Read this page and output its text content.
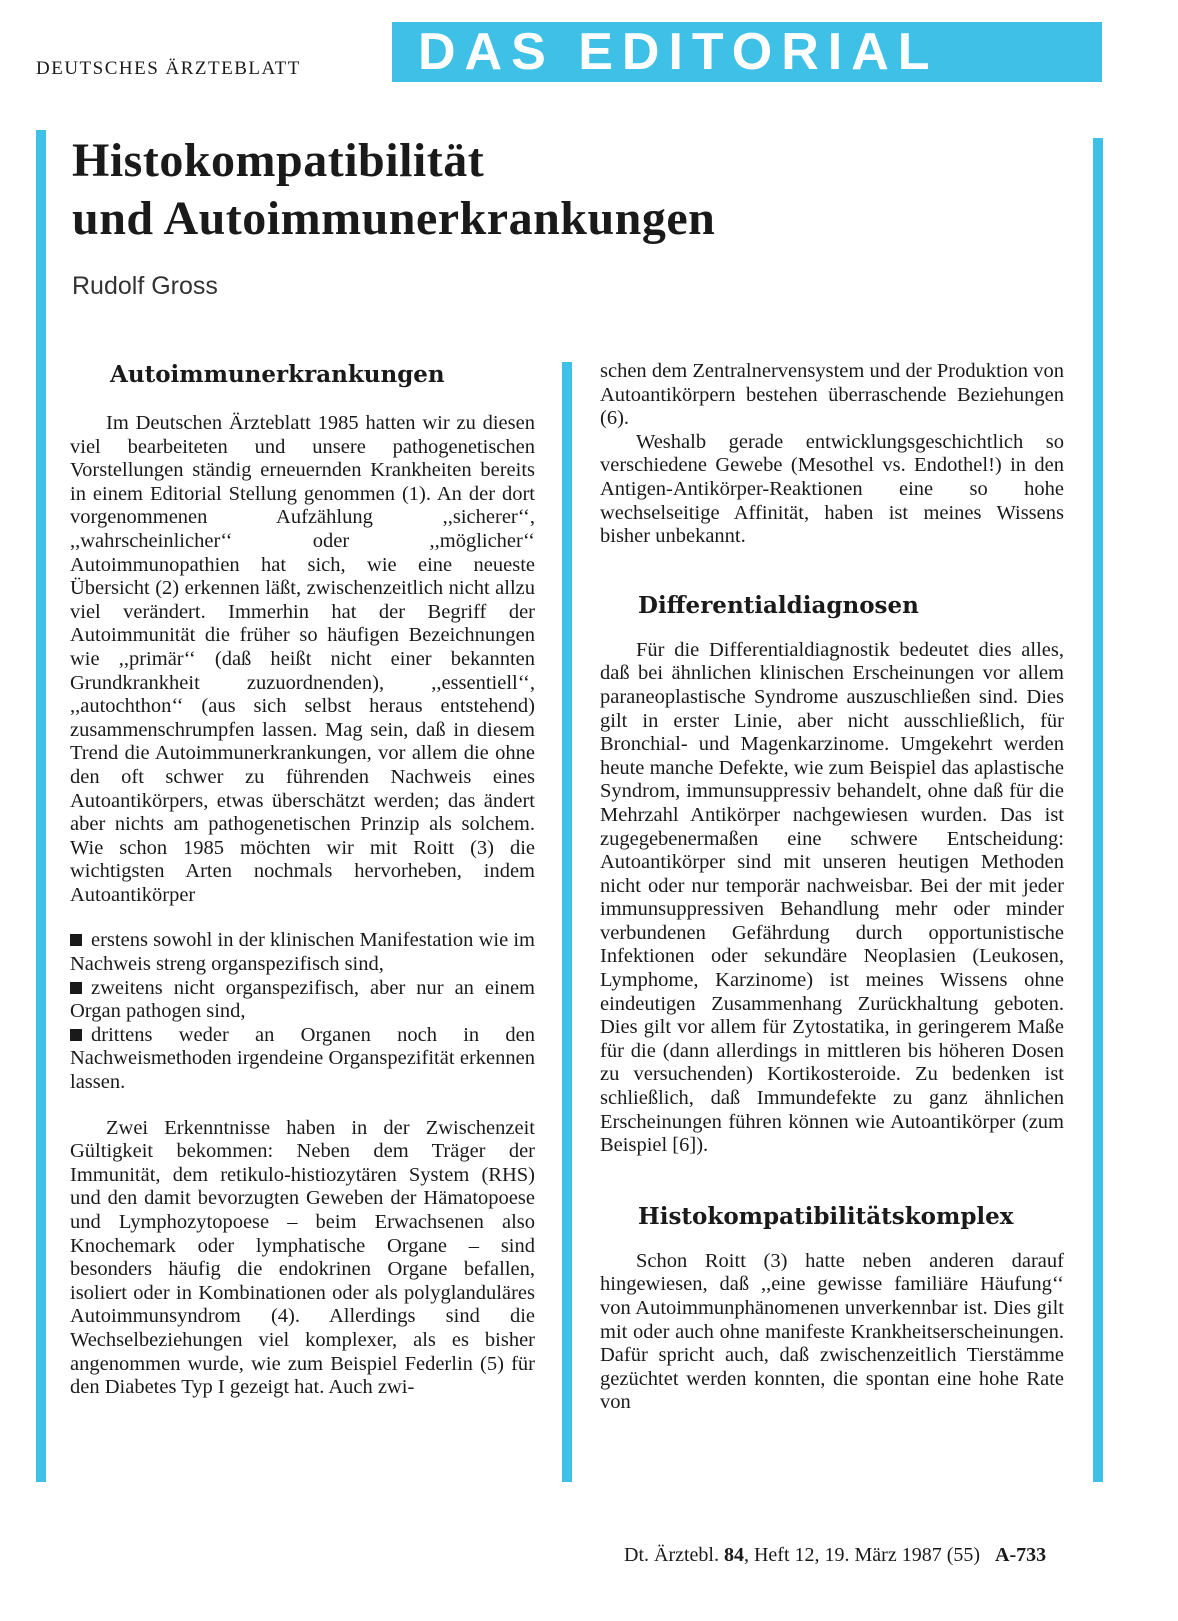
DEUTSCHES ÄRZTEBLATT	DAS EDITORIAL
Histokompatibilität
und Autoimmunerkrankungen
Rudolf Gross
Autoimmunerkrankungen

Im Deutschen Ärzteblatt 1985 hatten wir zu diesen viel bearbeiteten und unsere pathogenetischen Vorstellungen ständig erneuernden Krankheiten bereits in einem Editorial Stellung genommen (1). An der dort vorgenommenen Aufzählung ,,sicherer‘‘, ,,wahrscheinlicher‘‘ oder ,,möglicher‘‘ Autoimmunopathien hat sich, wie eine neueste Übersicht (2) erkennen läßt, zwischenzeitlich nicht allzu viel verändert. Immerhin hat der Begriff der Autoimmunität die früher so häufigen Bezeichnungen wie ,,primär‘‘ (daß heißt nicht einer bekannten Grundkrankheit zuzuordnenden), ,,essentiell‘‘, ,,autochthon‘‘ (aus sich selbst heraus entstehend) zusammenschrumpfen lassen. Mag sein, daß in diesem Trend die Autoimmunerkrankungen, vor allem die ohne den oft schwer zu führenden Nachweis eines Autoantikörpers, etwas überschätzt werden; das ändert aber nichts am pathogenetischen Prinzip als solchem. Wie schon 1985 möchten wir mit Roitt (3) die wichtigsten Arten nochmals hervorheben, indem Autoantikörper

erstens sowohl in der klinischen Manifestation wie im Nachweis streng organspezifisch sind,

zweitens nicht organspezifisch, aber nur an einem Organ pathogen sind,

drittens weder an Organen noch in den Nachweismethoden irgendeine Organspezifität erkennen lassen.

Zwei Erkenntnisse haben in der Zwischenzeit Gültigkeit bekommen: Neben dem Träger der Immunität, dem retikulo-histiozytären System (RHS) und den damit bevorzugten Geweben der Hämatopoese und Lymphozytopoese – beim Erwachsenen also Knochemark oder lymphatische Organe – sind besonders häufig die endokrinen Organe befallen, isoliert oder in Kombinationen oder als polyglanduläres Autoimmunsyndrom (4). Allerdings sind die Wechselbeziehungen viel komplexer, als es bisher angenommen wurde, wie zum Beispiel Federlin (5) für den Diabetes Typ I gezeigt hat. Auch zwi-

schen dem Zentralnervensystem und der Produktion von Autoantikörpern bestehen überraschende Beziehungen (6).

Weshalb gerade entwicklungsgeschichtlich so verschiedene Gewebe (Mesothel vs. Endothel!) in den Antigen-Antikörper-Reaktionen eine so hohe wechselseitige Affinität, haben ist meines Wissens bisher unbekannt.

Differentialdiagnosen

Für die Differentialdiagnostik bedeutet dies alles, daß bei ähnlichen klinischen Erscheinungen vor allem paraneoplastische Syndrome auszuschließen sind. Dies gilt in erster Linie, aber nicht ausschließlich, für Bronchial- und Magenkarzinome. Umgekehrt werden heute manche Defekte, wie zum Beispiel das aplastische Syndrom, immunsuppressiv behandelt, ohne daß für die Mehrzahl Antikörper nachgewiesen wurden. Das ist zugegebenermaßen eine schwere Entscheidung: Autoantikörper sind mit unseren heutigen Methoden nicht oder nur temporär nachweisbar. Bei der mit jeder immunsuppressiven Behandlung mehr oder minder verbundenen Gefährdung durch opportunistische Infektionen oder sekundäre Neoplasien (Leukosen, Lymphome, Karzinome) ist meines Wissens ohne eindeutigen Zusammenhang Zurückhaltung geboten. Dies gilt vor allem für Zytostatika, in geringerem Maße für die (dann allerdings in mittleren bis höheren Dosen zu versuchenden) Kortikosteroide. Zu bedenken ist schließlich, daß Immundefekte zu ganz ähnlichen Erscheinungen führen können wie Autoantikörper (zum Beispiel [6]).

Histokompatibilitätskomplex

Schon Roitt (3) hatte neben anderen darauf hingewiesen, daß ,,eine gewisse familiäre Häufung‘‘ von Autoimmunphänomenen unverkennbar ist. Dies gilt mit oder auch ohne manifeste Krankheitserscheinungen. Dafür spricht auch, daß zwischenzeitlich Tierstämme gezüchtet werden konnten, die spontan eine hohe Rate von

Dt. Ärztebl. 84, Heft 12, 19. März 1987 (55) A-733
